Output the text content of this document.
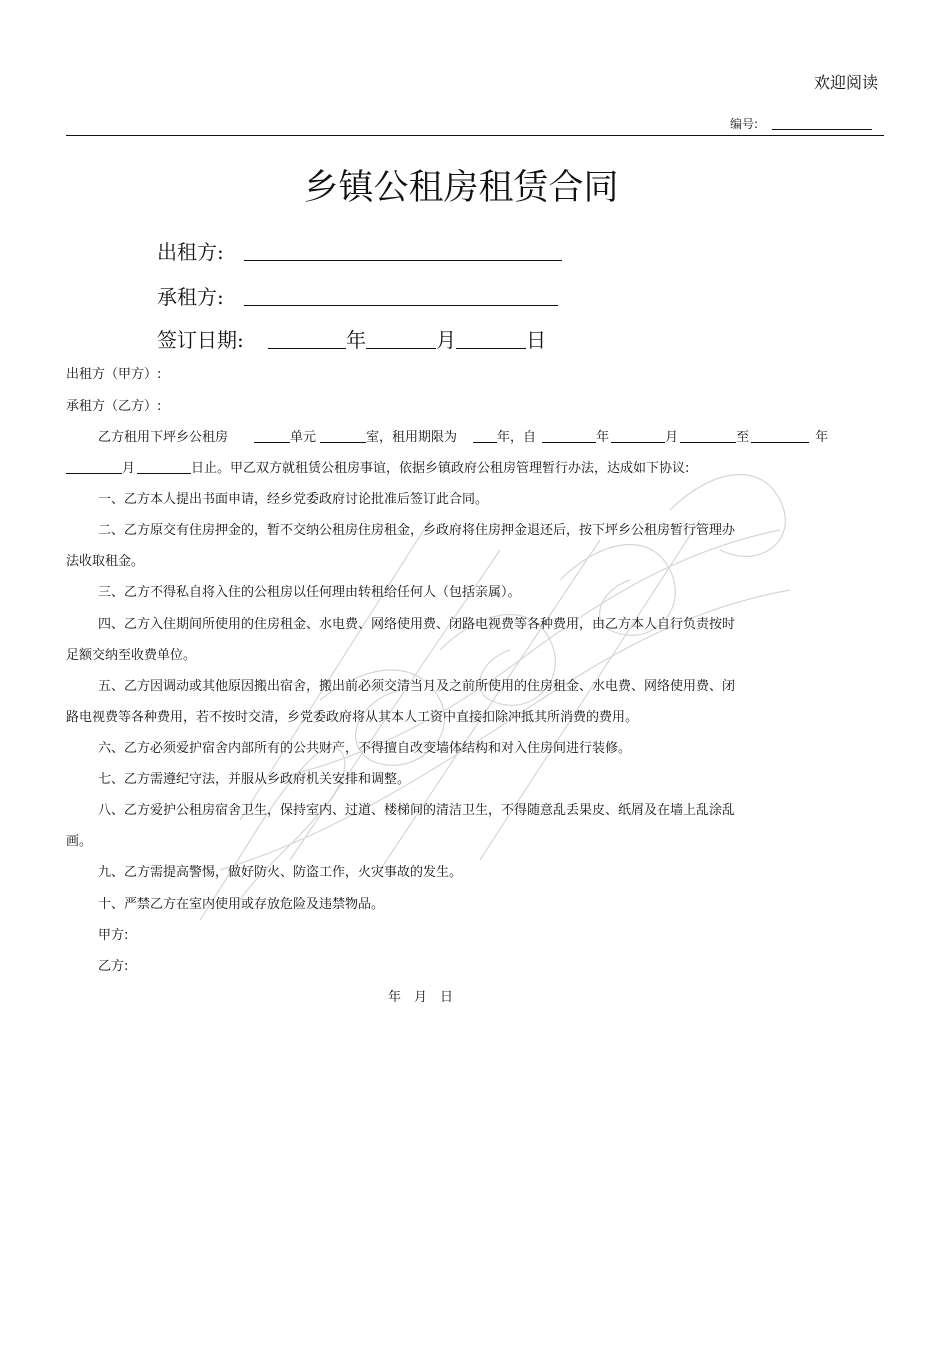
欢迎阅读
编号:
乡镇公租房租赁合同
出租方:
承租方:
签订日期:	年	月	日
出租方（甲方）:
承租方（乙方）:
乙方租用下坪乡公租房	单元	室，租用期限为	年，自	年	月	至	年
月	日止。甲乙双方就租赁公租房事谊，依据乡镇政府公租房管理暂行办法，达成如下协议:
一、乙方本人提出书面申请，经乡党委政府讨论批准后签订此合同。
二、乙方原交有住房押金的，暂不交纳公租房住房租金，乡政府将住房押金退还后，按下坪乡公租房暂行管理办
法收取租金。
三、乙方不得私自将入住的公租房以任何理由转租给任何人（包括亲属）。
四、乙方入住期间所使用的住房租金、水电费、网络使用费、闭路电视费等各种费用，由乙方本人自行负责按时
足额交纳至收费单位。
五、乙方因调动或其他原因搬出宿舍，搬出前必须交清当月及之前所使用的住房租金、水电费、网络使用费、闭
路电视费等各种费用，若不按时交清，乡党委政府将从其本人工资中直接扣除冲抵其所消费的费用。
六、乙方必须爱护宿舍内部所有的公共财产，不得擅自改变墙体结构和对入住房间进行装修。
七、乙方需遵纪守法，并服从乡政府机关安排和调整。
八、乙方爱护公租房宿舍卫生，保持室内、过道、楼梯间的清洁卫生，不得随意乱丢果皮、纸屑及在墙上乱涂乱
画。
九、乙方需提高警惕，做好防火、防盗工作，火灾事故的发生。
十、严禁乙方在室内使用或存放危险及违禁物品。
甲方:
乙方:
年　月　日
